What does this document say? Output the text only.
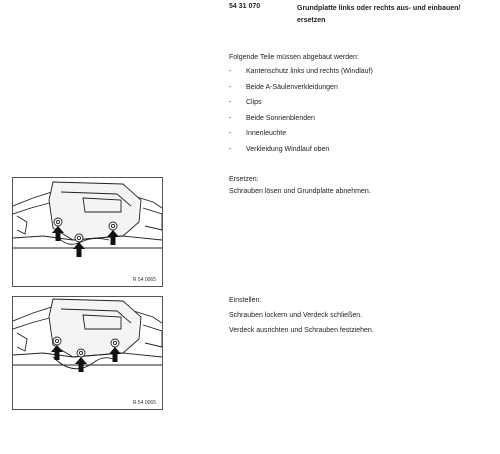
54 31 070	Grundplatte links oder rechts aus- und einbauen/ ersetzen
Folgende Teile müssen abgebaut werden:
- Kantenschutz links und rechts (Windlauf)
- Beide A-Säulenverkleidungen
- Clips
- Beide Sonnenblenden
- Innenleuchte
- Verkleidung Windlauf oben
Ersetzen:
Schrauben lösen und Grundplatte abnehmen.
Einstellen:
Schrauben lockern und Verdeck schließen.
Verdeck ausrichten und Schrauben festziehen.
R 54 0065
R 54 0065
